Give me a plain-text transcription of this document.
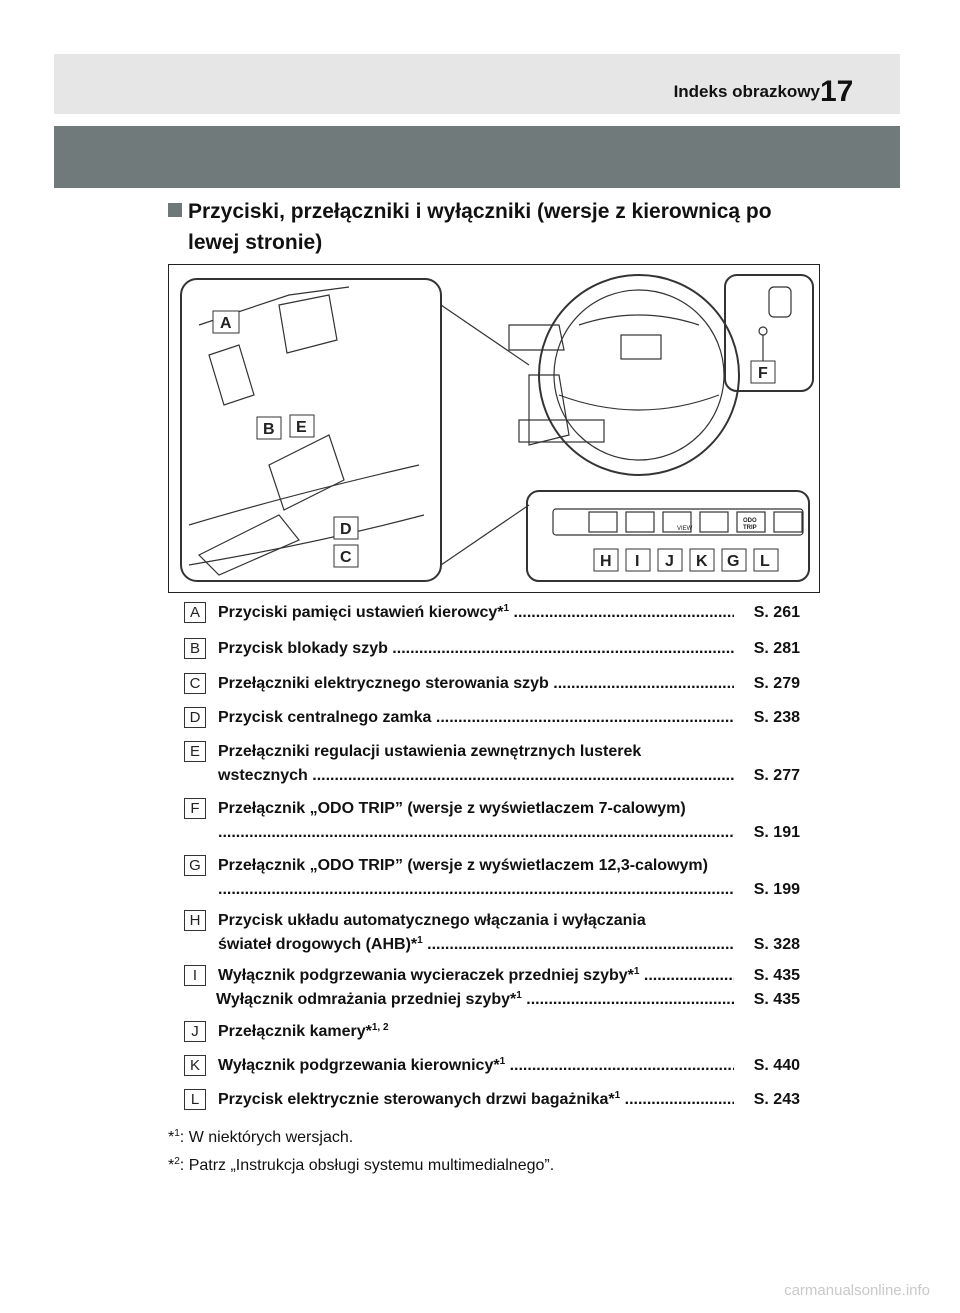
Indeks obrazkowy 17
Przyciski, przełączniki i wyłączniki (wersje z kierownicą po
lewej stronie)
VIEW
ODO
TRIP
A
B E
D
C
F
H I J K G L
A	Przyciski pamięci ustawień kierowcy*$^1$ .....	S. 261
B	Przycisk blokady szyb .....	S. 281
C	Przełączniki elektrycznego sterowania szyb .....	S. 279
D	Przycisk centralnego zamka .....	S. 238
E	Przełączniki regulacji ustawienia zewnętrznych lusterek
wstecznych .....	S. 277
F	Przełącznik „ODO TRIP” (wersje z wyświetlaczem 7-calowym)
.....
S. 191
G	Przełącznik „ODO TRIP” (wersje z wyświetlaczem 12,3-calowym)
.....
S. 199
H	Przycisk układu automatycznego włączania i wyłączania
świateł drogowych (AHB)*$^1$ .....	S. 328
I	Wyłącznik podgrzewania wycieraczek przedniej szyby*$^1$ .....	S. 435
Wyłącznik odmrażania przedniej szyby*$^1$ .....	S. 435
J	Przełącznik kamery*$^{1, 2}$
K	Wyłącznik podgrzewania kierownicy*$^1$ .....	S. 440
L	Przycisk elektrycznie sterowanych drzwi bagażnika*$^1$ .....	S. 243
*$^1$: W niektórych wersjach.
*$^2$: Patrz „Instrukcja obsługi systemu multimedialnego”.
carmanualsonline.info
